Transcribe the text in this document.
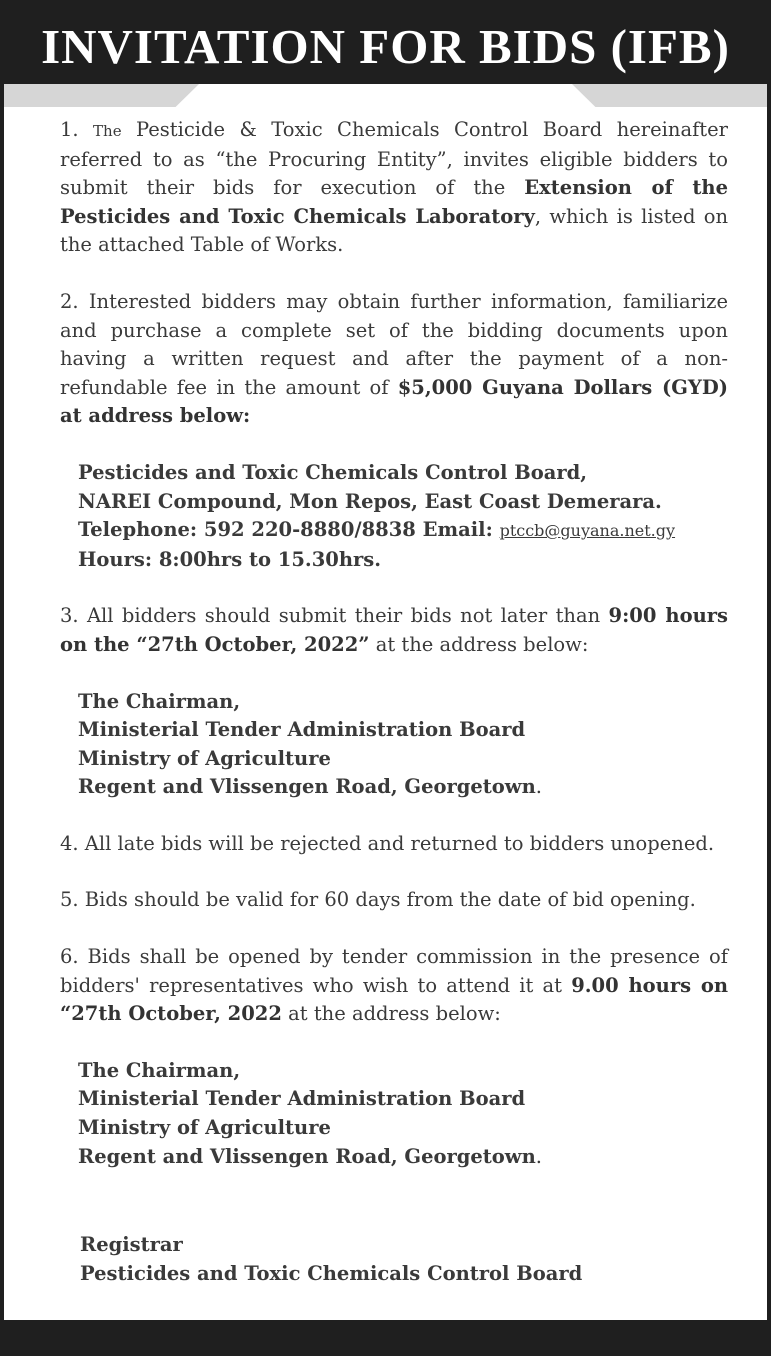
INVITATION FOR BIDS (IFB)

1. The Pesticide & Toxic Chemicals Control Board hereinafter referred to as “the Procuring Entity”, invites eligible bidders to submit their bids for execution of the Extension of the Pesticides and Toxic Chemicals Laboratory, which is listed on the attached Table of Works.

2. Interested bidders may obtain further information, familiarize and purchase a complete set of the bidding documents upon having a written request and after the payment of a non-refundable fee in the amount of $5,000 Guyana Dollars (GYD) at address below:

Pesticides and Toxic Chemicals Control Board,
NAREI Compound, Mon Repos, East Coast Demerara.
Telephone: 592 220-8880/8838 Email: ptccb@guyana.net.gy
Hours: 8:00hrs to 15.30hrs.

3. All bidders should submit their bids not later than 9:00 hours on the “27th October, 2022” at the address below:

The Chairman,
Ministerial Tender Administration Board
Ministry of Agriculture
Regent and Vlissengen Road, Georgetown.

4. All late bids will be rejected and returned to bidders unopened.

5. Bids should be valid for 60 days from the date of bid opening.

6. Bids shall be opened by tender commission in the presence of bidders' representatives who wish to attend it at 9.00 hours on “27th October, 2022 at the address below:

The Chairman,
Ministerial Tender Administration Board
Ministry of Agriculture
Regent and Vlissengen Road, Georgetown.
Registrar
Pesticides and Toxic Chemicals Control Board
